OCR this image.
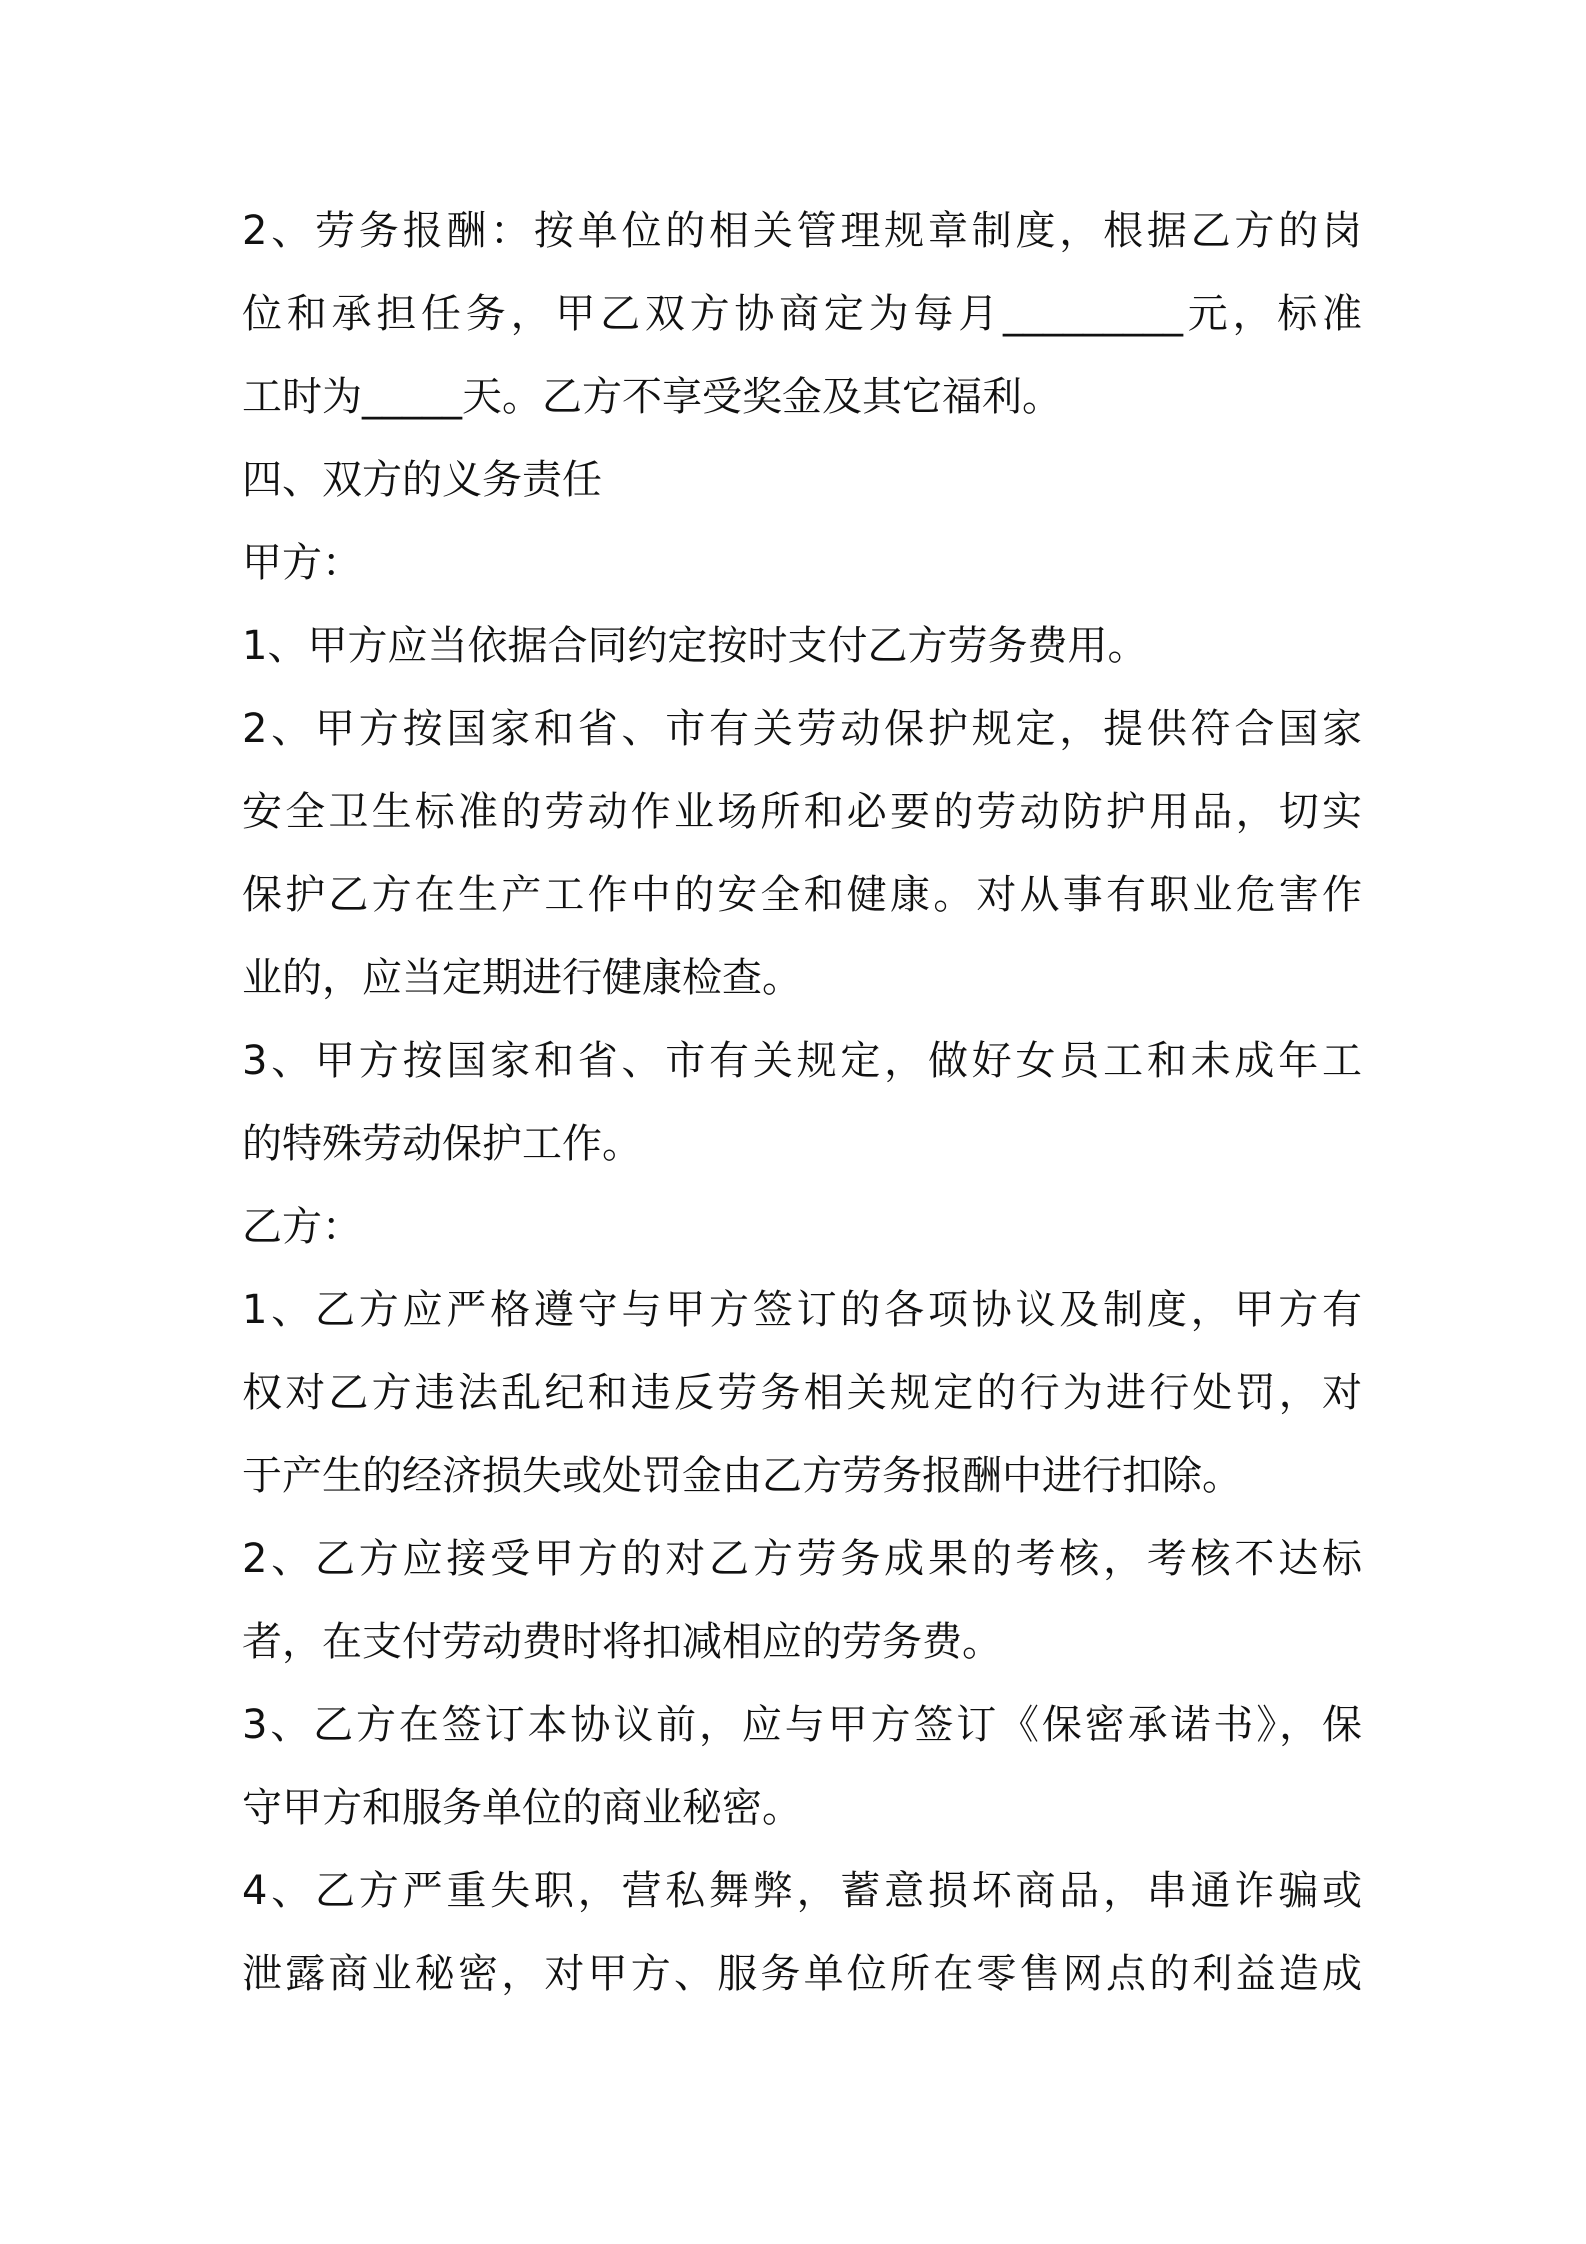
2、劳务报酬：按单位的相关管理规章制度，根据乙方的岗
位和承担任务，甲乙双方协商定为每月_________元，标准
工时为_____天。乙方不享受奖金及其它福利。
四、双方的义务责任
甲方：
1、甲方应当依据合同约定按时支付乙方劳务费用。
2、甲方按国家和省、市有关劳动保护规定，提供符合国家
安全卫生标准的劳动作业场所和必要的劳动防护用品，切实
保护乙方在生产工作中的安全和健康。对从事有职业危害作
业的，应当定期进行健康检查。
3、甲方按国家和省、市有关规定，做好女员工和未成年工
的特殊劳动保护工作。
乙方：
1、乙方应严格遵守与甲方签订的各项协议及制度，甲方有
权对乙方违法乱纪和违反劳务相关规定的行为进行处罚，对
于产生的经济损失或处罚金由乙方劳务报酬中进行扣除。
2、乙方应接受甲方的对乙方劳务成果的考核，考核不达标
者，在支付劳动费时将扣减相应的劳务费。
3、乙方在签订本协议前，应与甲方签订《保密承诺书》，保
守甲方和服务单位的商业秘密。
4、乙方严重失职，营私舞弊，蓄意损坏商品，串通诈骗或
泄露商业秘密，对甲方、服务单位所在零售网点的利益造成
